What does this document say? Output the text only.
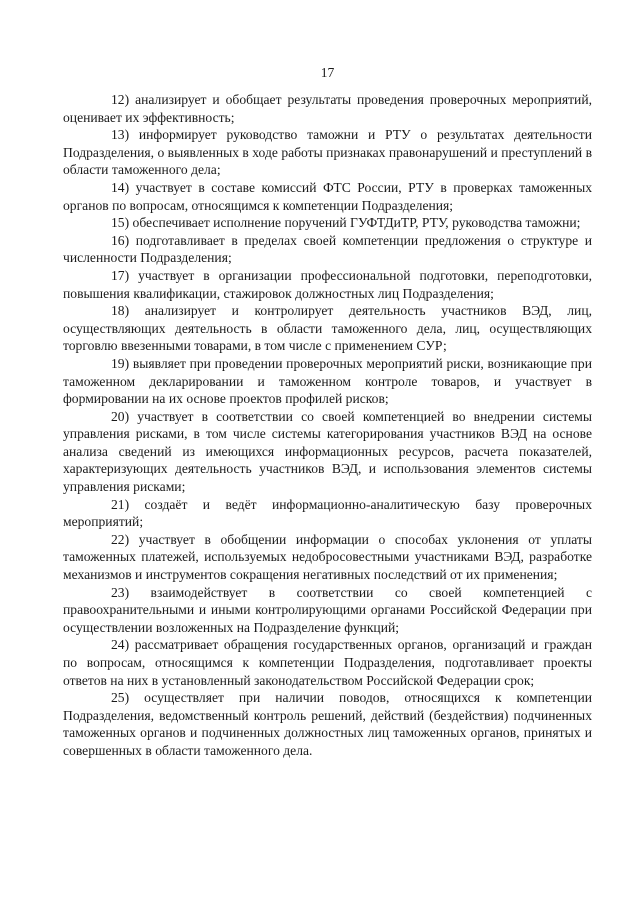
17

12) анализирует и обобщает результаты проведения проверочных мероприятий, оценивает их эффективность;

13) информирует руководство таможни и РТУ о результатах деятельности Подразделения, о выявленных в ходе работы признаках правонарушений и преступлений в области таможенного дела;

14) участвует в составе комиссий ФТС России, РТУ в проверках таможенных органов по вопросам, относящимся к компетенции Подразделения;

15) обеспечивает исполнение поручений ГУФТДиТР, РТУ, руководства таможни;

16) подготавливает в пределах своей компетенции предложения о структуре и численности Подразделения;

17) участвует в организации профессиональной подготовки, переподготовки, повышения квалификации, стажировок должностных лиц Подразделения;

18) анализирует и контролирует деятельность участников ВЭД, лиц, осуществляющих деятельность в области таможенного дела, лиц, осуществляющих торговлю ввезенными товарами, в том числе с применением СУР;

19) выявляет при проведении проверочных мероприятий риски, возникающие при таможенном декларировании и таможенном контроле товаров, и участвует в формировании на их основе проектов профилей рисков;

20) участвует в соответствии со своей компетенцией во внедрении системы управления рисками, в том числе системы категорирования участников ВЭД на основе анализа сведений из имеющихся информационных ресурсов, расчета показателей, характеризующих деятельность участников ВЭД, и использования элементов системы управления рисками;

21) создаёт и ведёт информационно-аналитическую базу проверочных мероприятий;

22) участвует в обобщении информации о способах уклонения от уплаты таможенных платежей, используемых недобросовестными участниками ВЭД, разработке механизмов и инструментов сокращения негативных последствий от их применения;

23) взаимодействует в соответствии со своей компетенцией с правоохранительными и иными контролирующими органами Российской Федерации при осуществлении возложенных на Подразделение функций;

24) рассматривает обращения государственных органов, организаций и граждан по вопросам, относящимся к компетенции Подразделения, подготавливает проекты ответов на них в установленный законодательством Российской Федерации срок;

25) осуществляет при наличии поводов, относящихся к компетенции Подразделения, ведомственный контроль решений, действий (бездействия) подчиненных таможенных органов и подчиненных должностных лиц таможенных органов, принятых и совершенных в области таможенного дела.
